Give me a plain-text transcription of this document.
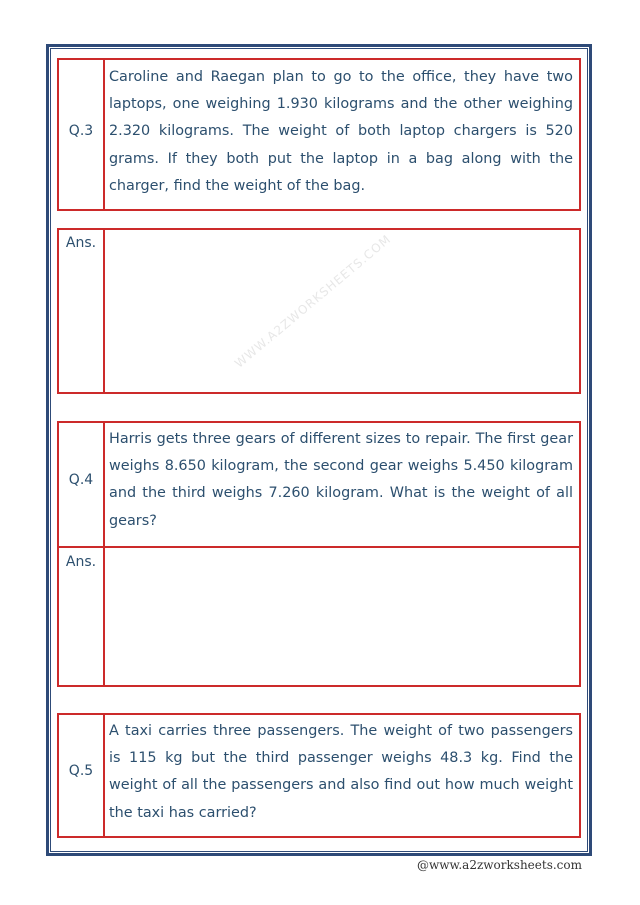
Q.3
Caroline and Raegan plan to go to the office, they have two laptops, one weighing 1.930 kilograms and the other weighing 2.320 kilograms. The weight of both laptop chargers is 520 grams. If they both put the laptop in a bag along with the charger, find the weight of the bag.
Ans.
Q.4
Harris gets three gears of different sizes to repair. The first gear weighs 8.650 kilogram, the second gear weighs 5.450 kilogram and the third weighs 7.260 kilogram. What is the weight of all gears?
Ans.
Q.5
A taxi carries three passengers. The weight of two passengers is 115 kg but the third passenger weighs 48.3 kg. Find the weight of all the passengers and also find out how much weight the taxi has carried?
WWW.A2ZWORKSHEETS.COM
@www.a2zworksheets.com
